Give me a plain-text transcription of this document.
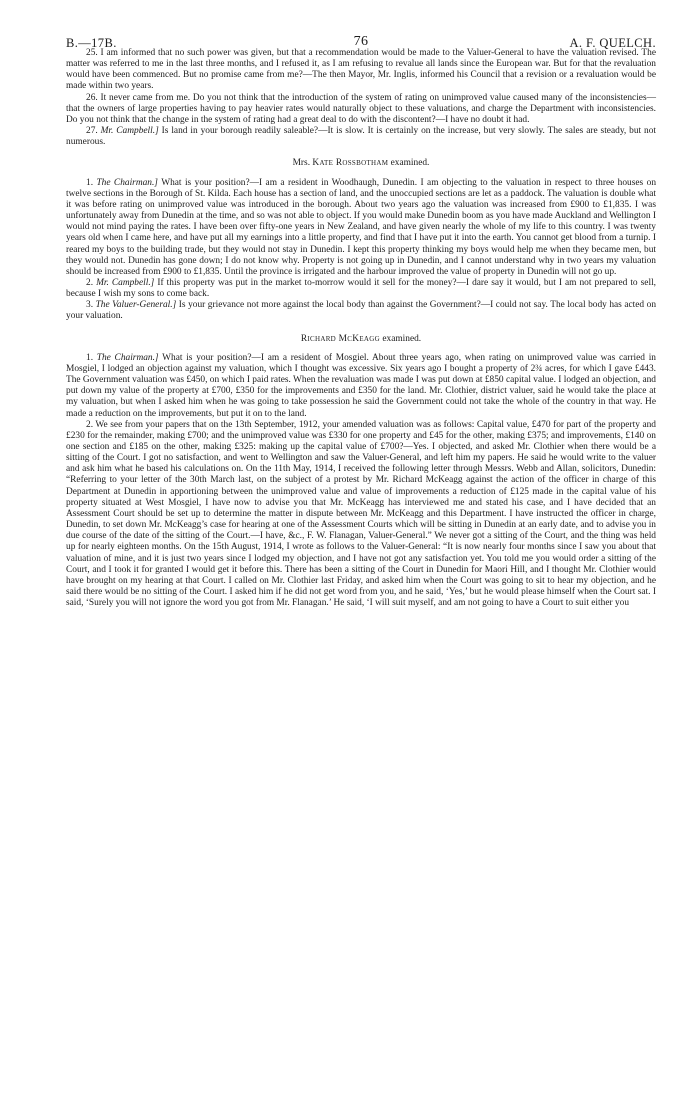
B.—17B.	76	A. F. QUELCH.

25. I am informed that no such power was given, but that a recommendation would be made to the Valuer-General to have the valuation revised. The matter was referred to me in the last three months, and I refused it, as I am refusing to revalue all lands since the European war. But for that the revaluation would have been commenced. But no promise came from me?—The then Mayor, Mr. Inglis, informed his Council that a revision or a revaluation would be made within two years.

26. It never came from me. Do you not think that the introduction of the system of rating on unimproved value caused many of the inconsistencies—that the owners of large properties having to pay heavier rates would naturally object to these valuations, and charge the Department with inconsistencies. Do you not think that the change in the system of rating had a great deal to do with the discontent?—I have no doubt it had.

27. Mr. Campbell.] Is land in your borough readily saleable?—It is slow. It is certainly on the increase, but very slowly. The sales are steady, but not numerous.

Mrs. Kate Rossbotham examined.

1. The Chairman.] What is your position?—I am a resident in Woodhaugh, Dunedin. I am objecting to the valuation in respect to three houses on twelve sections in the Borough of St. Kilda. Each house has a section of land, and the unoccupied sections are let as a paddock. The valuation is double what it was before rating on unimproved value was introduced in the borough. About two years ago the valuation was increased from £900 to £1,835. I was unfortunately away from Dunedin at the time, and so was not able to object. If you would make Dunedin boom as you have made Auckland and Wellington I would not mind paying the rates. I have been over fifty-one years in New Zealand, and have given nearly the whole of my life to this country. I was twenty years old when I came here, and have put all my earnings into a little property, and find that I have put it into the earth. You cannot get blood from a turnip. I reared my boys to the building trade, but they would not stay in Dunedin. I kept this property thinking my boys would help me when they became men, but they would not. Dunedin has gone down; I do not know why. Property is not going up in Dunedin, and I cannot understand why in two years my valuation should be increased from £900 to £1,835. Until the province is irrigated and the harbour improved the value of property in Dunedin will not go up.

2. Mr. Campbell.] If this property was put in the market to-morrow would it sell for the money?—I dare say it would, but I am not prepared to sell, because I wish my sons to come back.

3. The Valuer-General.] Is your grievance not more against the local body than against the Government?—I could not say. The local body has acted on your valuation.

Richard McKeagg examined.

1. The Chairman.] What is your position?—I am a resident of Mosgiel. About three years ago, when rating on unimproved value was carried in Mosgiel, I lodged an objection against my valuation, which I thought was excessive. Six years ago I bought a property of 2¾ acres, for which I gave £443. The Government valuation was £450, on which I paid rates. When the revaluation was made I was put down at £850 capital value. I lodged an objection, and put down my value of the property at £700, £350 for the improvements and £350 for the land. Mr. Clothier, district valuer, said he would take the place at my valuation, but when I asked him when he was going to take possession he said the Government could not take the whole of the country in that way. He made a reduction on the improvements, but put it on to the land.

2. We see from your papers that on the 13th September, 1912, your amended valuation was as follows: Capital value, £470 for part of the property and £230 for the remainder, making £700; and the unimproved value was £330 for one property and £45 for the other, making £375; and improvements, £140 on one section and £185 on the other, making £325: making up the capital value of £700?—Yes. I objected, and asked Mr. Clothier when there would be a sitting of the Court. I got no satisfaction, and went to Wellington and saw the Valuer-General, and left him my papers. He said he would write to the valuer and ask him what he based his calculations on. On the 11th May, 1914, I received the following letter through Messrs. Webb and Allan, solicitors, Dunedin: “Referring to your letter of the 30th March last, on the subject of a protest by Mr. Richard McKeagg against the action of the officer in charge of this Department at Dunedin in apportioning between the unimproved value and value of improvements a reduction of £125 made in the capital value of his property situated at West Mosgiel, I have now to advise you that Mr. McKeagg has interviewed me and stated his case, and I have decided that an Assessment Court should be set up to determine the matter in dispute between Mr. McKeagg and this Department. I have instructed the officer in charge, Dunedin, to set down Mr. McKeagg’s case for hearing at one of the Assessment Courts which will be sitting in Dunedin at an early date, and to advise you in due course of the date of the sitting of the Court.—I have, &c., F. W. Flanagan, Valuer-General.” We never got a sitting of the Court, and the thing was held up for nearly eighteen months. On the 15th August, 1914, I wrote as follows to the Valuer-General: “It is now nearly four months since I saw you about that valuation of mine, and it is just two years since I lodged my objection, and I have not got any satisfaction yet. You told me you would order a sitting of the Court, and I took it for granted I would get it before this. There has been a sitting of the Court in Dunedin for Maori Hill, and I thought Mr. Clothier would have brought on my hearing at that Court. I called on Mr. Clothier last Friday, and asked him when the Court was going to sit to hear my objection, and he said there would be no sitting of the Court. I asked him if he did not get word from you, and he said, ‘Yes,’ but he would please himself when the Court sat. I said, ‘Surely you will not ignore the word you got from Mr. Flanagan.’ He said, ‘I will suit myself, and am not going to have a Court to suit either you
